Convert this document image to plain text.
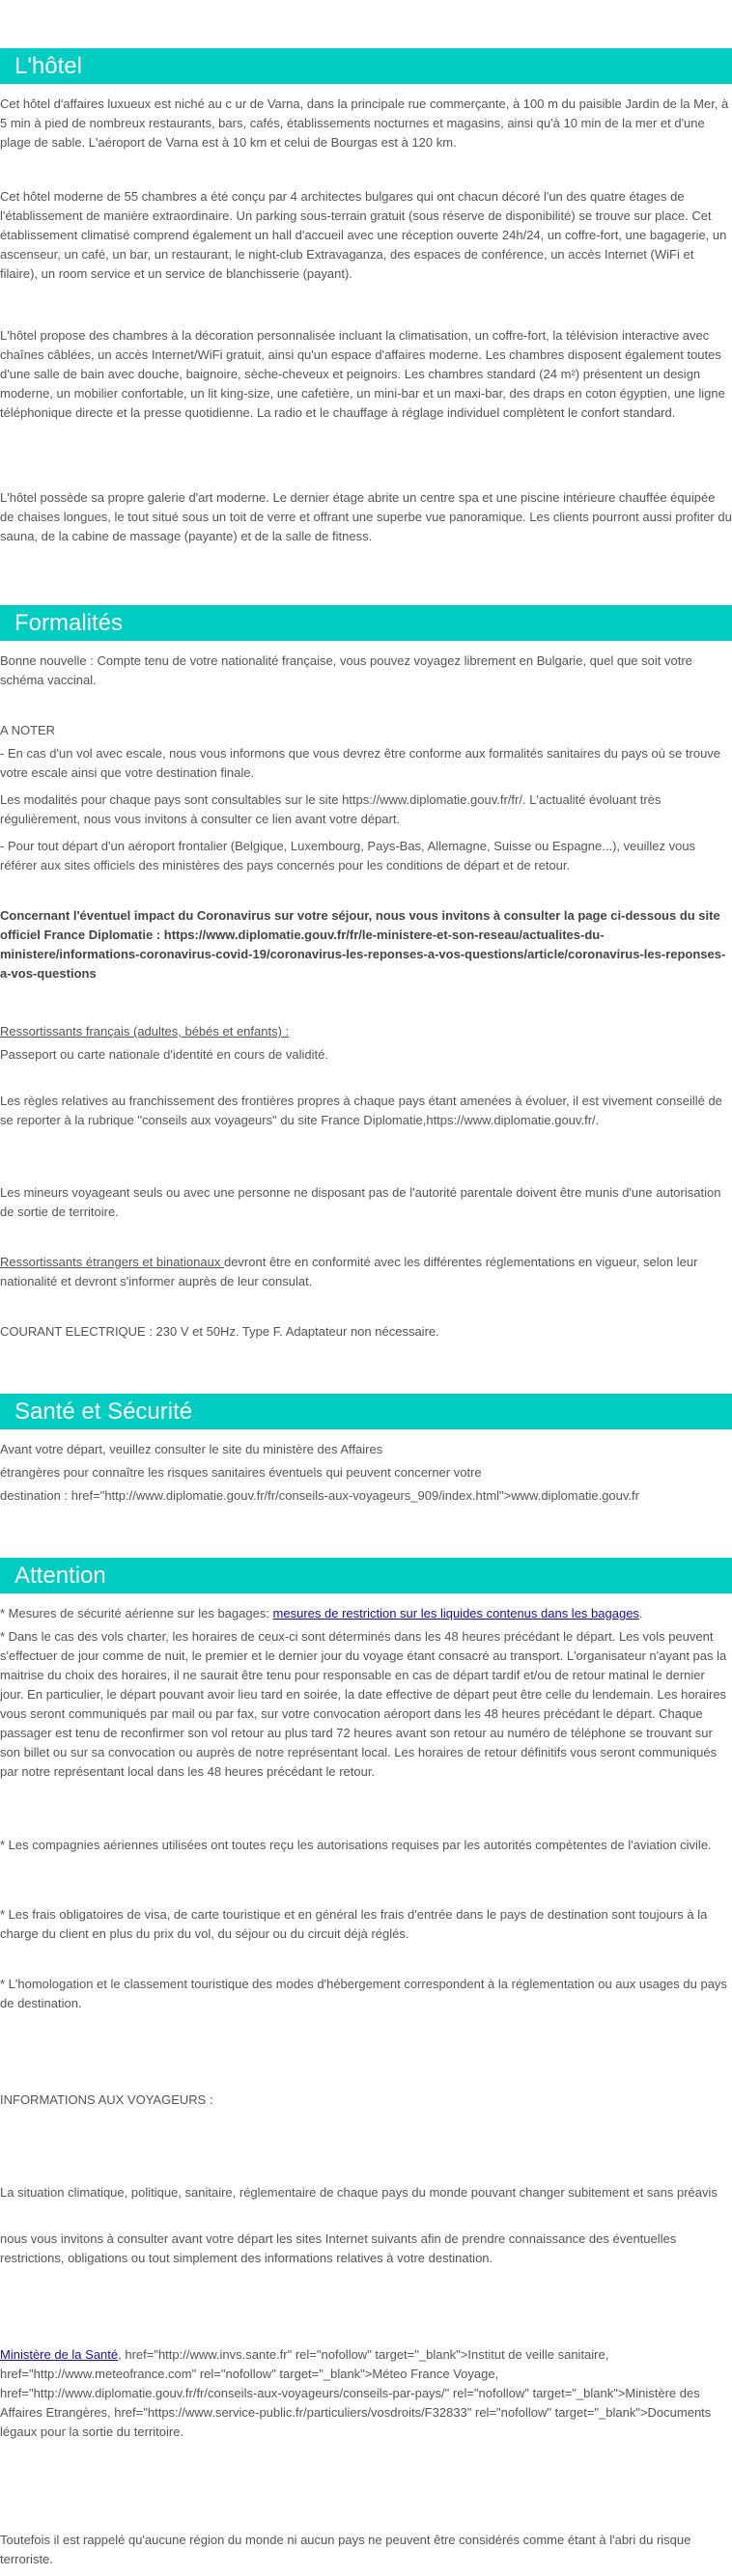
L'hôtel

Cet hôtel d'affaires luxueux est niché au c ur de Varna, dans la principale rue commerçante, à 100 m du paisible Jardin de la Mer, à 5 min à pied de nombreux restaurants, bars, cafés, établissements nocturnes et magasins, ainsi qu'à 10 min de la mer et d'une plage de sable. L'aéroport de Varna est à 10 km et celui de Bourgas est à 120 km.

Cet hôtel moderne de 55 chambres a été conçu par 4 architectes bulgares qui ont chacun décoré l'un des quatre étages de l'établissement de manière extraordinaire. Un parking sous-terrain gratuit (sous réserve de disponibilité) se trouve sur place. Cet établissement climatisé comprend également un hall d'accueil avec une réception ouverte 24h/24, un coffre-fort, une bagagerie, un ascenseur, un café, un bar, un restaurant, le night-club Extravaganza, des espaces de conférence, un accès Internet (WiFi et filaire), un room service et un service de blanchisserie (payant).

L'hôtel propose des chambres à la décoration personnalisée incluant la climatisation, un coffre-fort, la télévision interactive avec chaînes câblées, un accès Internet/WiFi gratuit, ainsi qu'un espace d'affaires moderne. Les chambres disposent également toutes d'une salle de bain avec douche, baignoire, sèche-cheveux et peignoirs. Les chambres standard (24 m²) présentent un design moderne, un mobilier confortable, un lit king-size, une cafetière, un mini-bar et un maxi-bar, des draps en coton égyptien, une ligne téléphonique directe et la presse quotidienne. La radio et le chauffage à réglage individuel complètent le confort standard.

L'hôtel possède sa propre galerie d'art moderne. Le dernier étage abrite un centre spa et une piscine intérieure chauffée équipée de chaises longues, le tout situé sous un toit de verre et offrant une superbe vue panoramique. Les clients pourront aussi profiter du sauna, de la cabine de massage (payante) et de la salle de fitness.

Formalités

Bonne nouvelle : Compte tenu de votre nationalité française, vous pouvez voyagez librement en Bulgarie, quel que soit votre schéma vaccinal.

A NOTER

- En cas d'un vol avec escale, nous vous informons que vous devrez être conforme aux formalités sanitaires du pays où se trouve votre escale ainsi que votre destination finale.

Les modalités pour chaque pays sont consultables sur le site https://www.diplomatie.gouv.fr/fr/. L'actualité évoluant très régulièrement, nous vous invitons à consulter ce lien avant votre départ.

- Pour tout départ d'un aéroport frontalier (Belgique, Luxembourg, Pays-Bas, Allemagne, Suisse ou Espagne...), veuillez vous référer aux sites officiels des ministères des pays concernés pour les conditions de départ et de retour.

Concernant l'éventuel impact du Coronavirus sur votre séjour, nous vous invitons à consulter la page ci-dessous du site officiel France Diplomatie : https://www.diplomatie.gouv.fr/fr/le-ministere-et-son-reseau/actualites-du-ministere/informations-coronavirus-covid-19/coronavirus-les-reponses-a-vos-questions/article/coronavirus-les-reponses-a-vos-questions

Ressortissants français (adultes, bébés et enfants) :

Passeport ou carte nationale d'identité en cours de validité.

Les règles relatives au franchissement des frontières propres à chaque pays étant amenées à évoluer, il est vivement conseillé de se reporter à la rubrique "conseils aux voyageurs" du site France Diplomatie,https://www.diplomatie.gouv.fr/.

Les mineurs voyageant seuls ou avec une personne ne disposant pas de l'autorité parentale doivent être munis d'une autorisation de sortie de territoire.

Ressortissants étrangers et binationaux devront être en conformité avec les différentes réglementations en vigueur, selon leur nationalité et devront s'informer auprès de leur consulat.

COURANT ELECTRIQUE : 230 V et 50Hz. Type F. Adaptateur non nécessaire.

Santé et Sécurité

Avant votre départ, veuillez consulter le site du ministère des Affaires

étrangères pour connaître les risques sanitaires éventuels qui peuvent concerner votre

destination : href="http://www.diplomatie.gouv.fr/fr/conseils-aux-voyageurs_909/index.html">www.diplomatie.gouv.fr

Attention

* Mesures de sécurité aérienne sur les bagages: mesures de restriction sur les liquides contenus dans les bagages.

* Dans le cas des vols charter, les horaires de ceux-ci sont déterminés dans les 48 heures précédant le départ. Les vols peuvent s'effectuer de jour comme de nuit, le premier et le dernier jour du voyage étant consacré au transport. L'organisateur n'ayant pas la maitrise du choix des horaires, il ne saurait être tenu pour responsable en cas de départ tardif et/ou de retour matinal le dernier jour. En particulier, le départ pouvant avoir lieu tard en soirée, la date effective de départ peut être celle du lendemain. Les horaires vous seront communiqués par mail ou par fax, sur votre convocation aéroport dans les 48 heures précédant le départ. Chaque passager est tenu de reconfirmer son vol retour au plus tard 72 heures avant son retour au numéro de téléphone se trouvant sur son billet ou sur sa convocation ou auprès de notre représentant local. Les horaires de retour définitifs vous seront communiqués par notre représentant local dans les 48 heures précédant le retour.

* Les compagnies aériennes utilisées ont toutes reçu les autorisations requises par les autorités compétentes de l'aviation civile.

* Les frais obligatoires de visa, de carte touristique et en général les frais d'entrée dans le pays de destination sont toujours à la charge du client en plus du prix du vol, du séjour ou du circuit déjà réglés.

* L'homologation et le classement touristique des modes d'hébergement correspondent à la réglementation ou aux usages du pays de destination.

INFORMATIONS AUX VOYAGEURS :

La situation climatique, politique, sanitaire, réglementaire de chaque pays du monde pouvant changer subitement et sans préavis

nous vous invitons à consulter avant votre départ les sites Internet suivants afin de prendre connaissance des éventuelles restrictions, obligations ou tout simplement des informations relatives à votre destination.

Ministère de la Santé, href="http://www.invs.sante.fr" rel="nofollow" target="_blank">Institut de veille sanitaire, href="http://www.meteofrance.com" rel="nofollow" target="_blank">Méteo France Voyage, href="http://www.diplomatie.gouv.fr/fr/conseils-aux-voyageurs/conseils-par-pays/" rel="nofollow" target="_blank">Ministère des Affaires Etrangères, href="https://www.service-public.fr/particuliers/vosdroits/F32833" rel="nofollow" target="_blank">Documents légaux pour la sortie du territoire.

Toutefois il est rappelé qu'aucune région du monde ni aucun pays ne peuvent être considérés comme étant à l'abri du risque terroriste.
